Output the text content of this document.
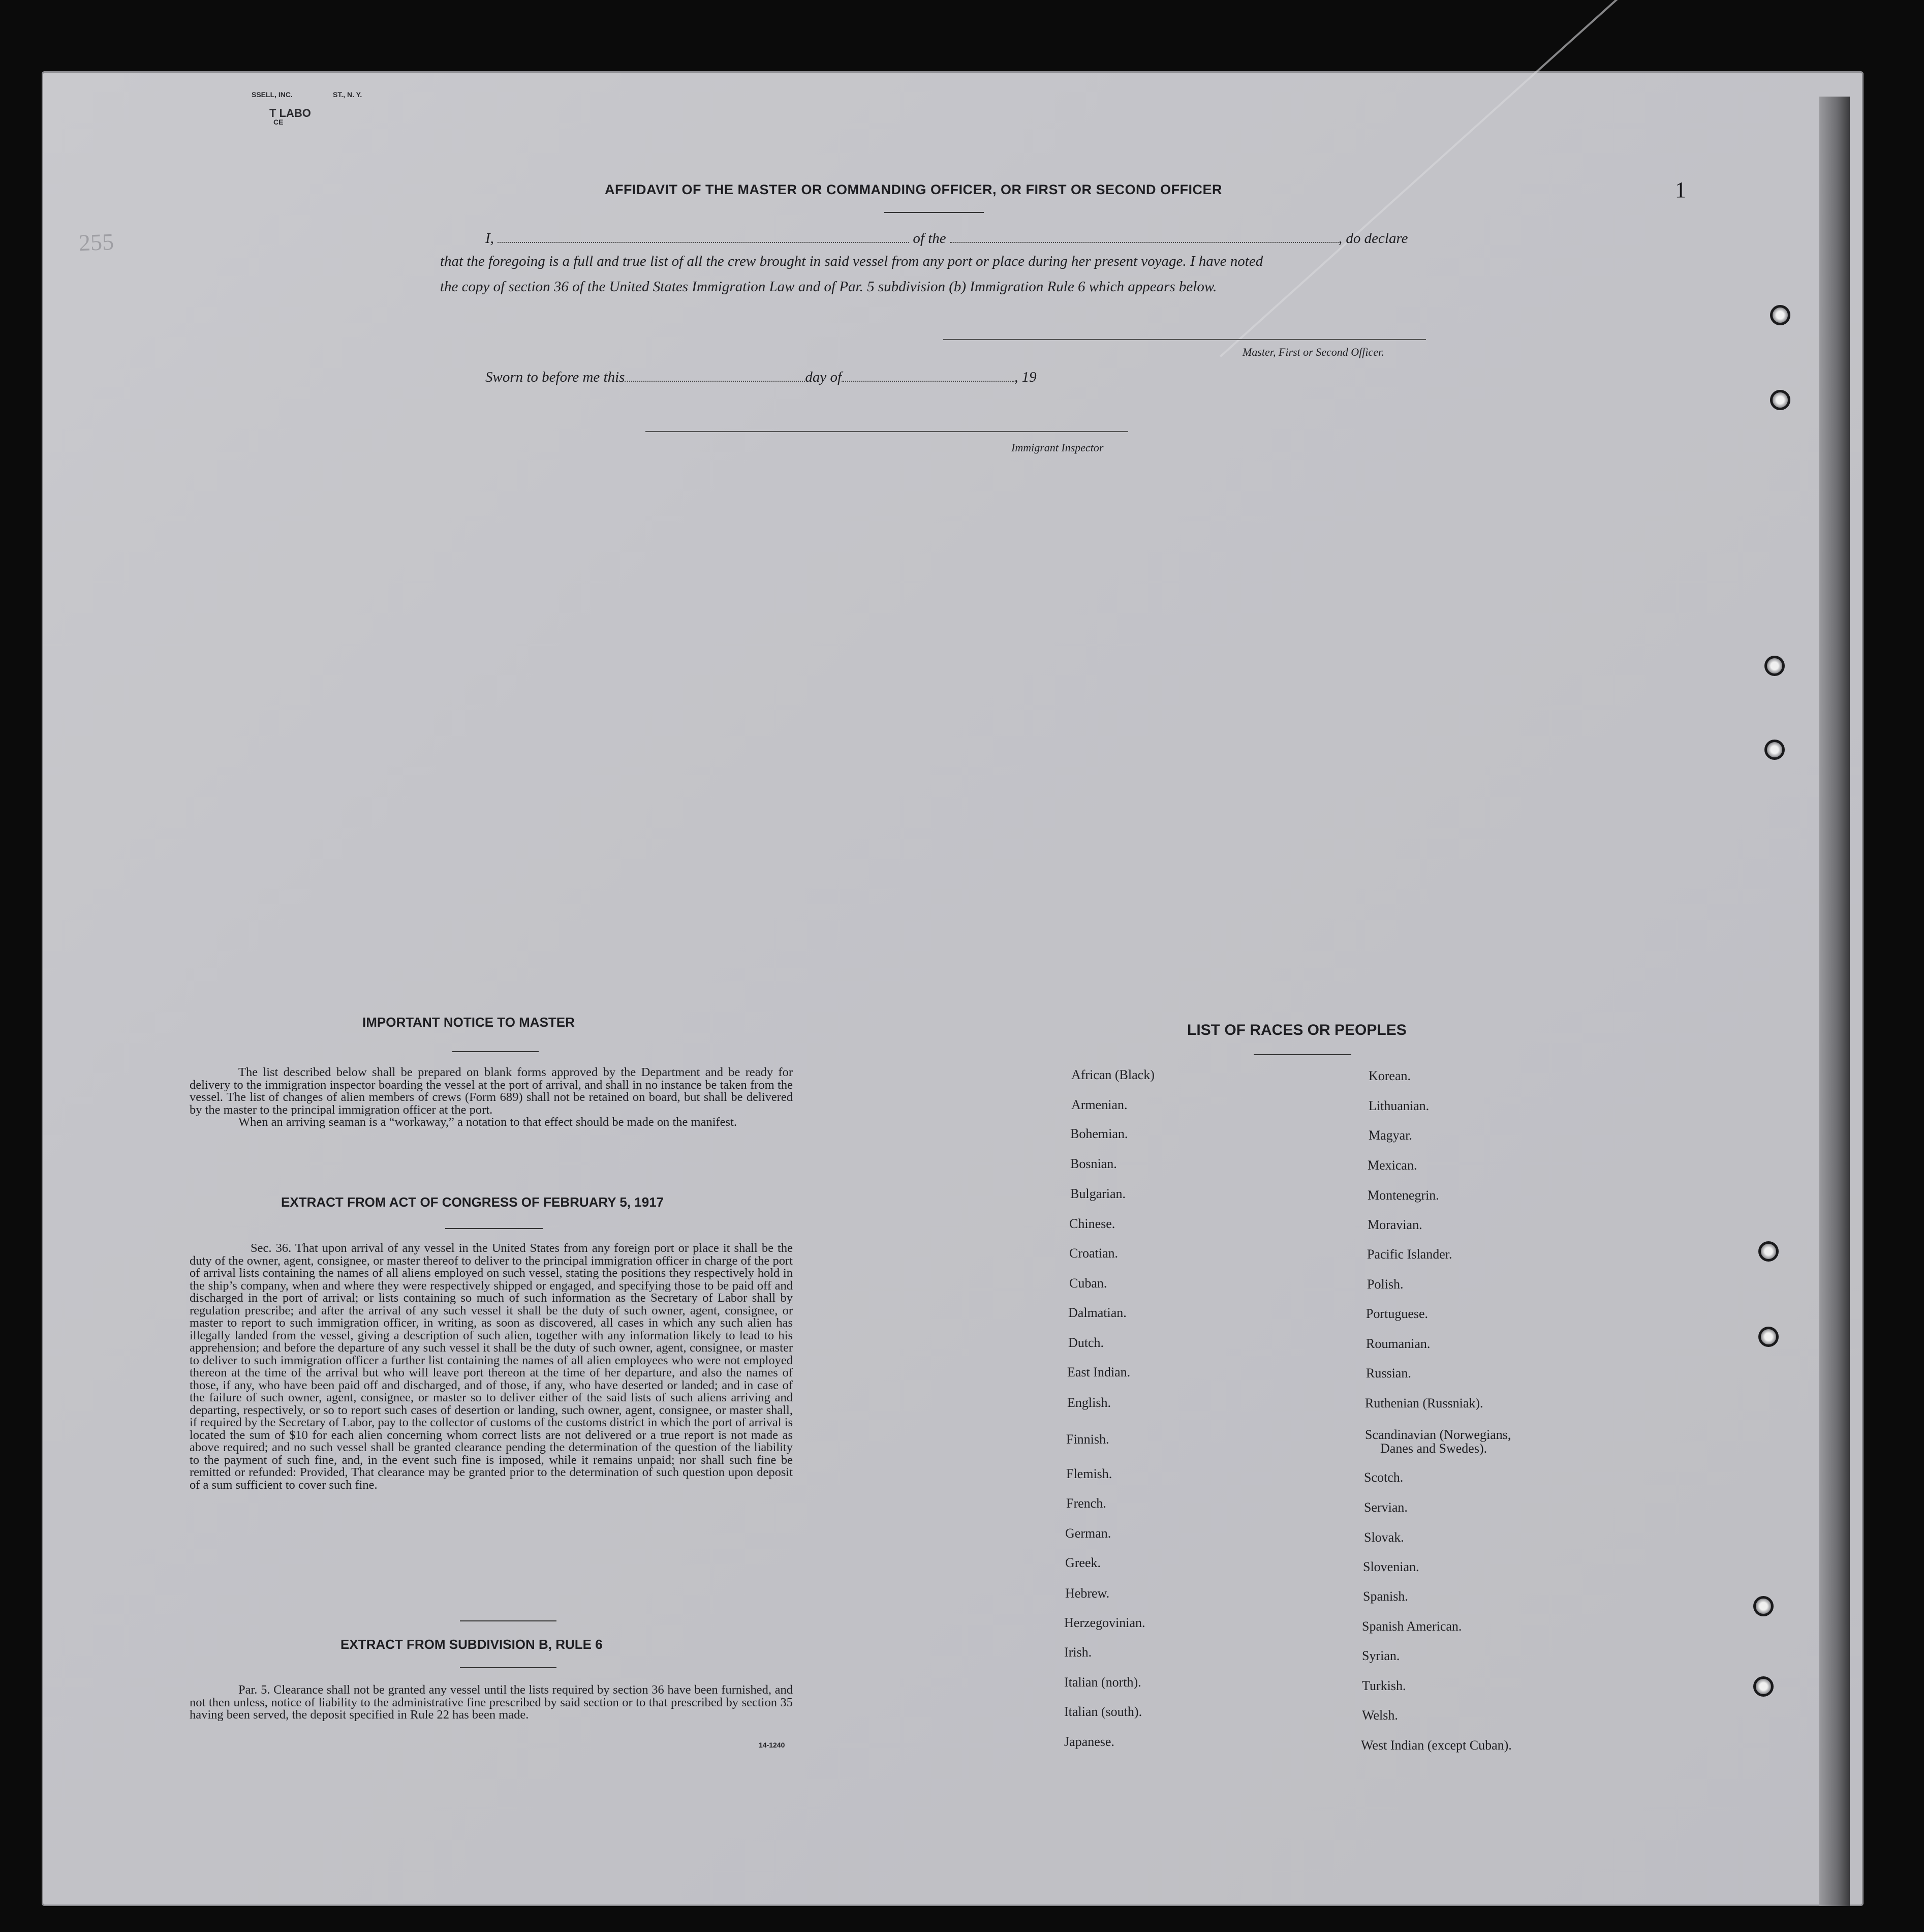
SSELL, INC.	ST., N. Y.
T LABO
CE
255
1
AFFIDAVIT OF THE MASTER OR COMMANDING OFFICER, OR FIRST OR SECOND OFFICER
I,	of the	, do declare
that the foregoing is a full and true list of all the crew brought in said vessel from any port or place during her present voyage. I have noted
the copy of section 36 of the United States Immigration Law and of Par. 5 subdivision (b) Immigration Rule 6 which appears below.
Master, First or Second Officer.
Sworn to before me this	day of	, 19
Immigrant Inspector
IMPORTANT NOTICE TO MASTER

The list described below shall be prepared on blank forms approved by the Department and be ready for delivery to the immigration inspector boarding the vessel at the port of arrival, and shall in no instance be taken from the vessel. The list of changes of alien members of crews (Form 689) shall not be retained on board, but shall be delivered by the master to the principal immigration officer at the port.

When an arriving seaman is a “workaway,” a notation to that effect should be made on the manifest.

EXTRACT FROM ACT OF CONGRESS OF FEBRUARY 5, 1917
Sec. 36. That upon arrival of any vessel in the United States from any foreign port or place it shall be the duty of the owner, agent, consignee, or master thereof to deliver to the principal immigration officer in charge of the port of arrival lists containing the names of all aliens employed on such vessel, stating the positions they respectively hold in the ship’s company, when and where they were respectively shipped or engaged, and specifying those to be paid off and discharged in the port of arrival; or lists containing so much of such information as the Secretary of Labor shall by regulation prescribe; and after the arrival of any such vessel it shall be the duty of such owner, agent, consignee, or master to report to such immigration officer, in writing, as soon as discovered, all cases in which any such alien has illegally landed from the vessel, giving a description of such alien, together with any information likely to lead to his apprehension; and before the departure of any such vessel it shall be the duty of such owner, agent, consignee, or master to deliver to such immigration officer a further list containing the names of all alien employees who were not employed thereon at the time of the arrival but who will leave port thereon at the time of her departure, and also the names of those, if any, who have been paid off and discharged, and of those, if any, who have deserted or landed; and in case of the failure of such owner, agent, consignee, or master so to deliver either of the said lists of such aliens arriving and departing, respectively, or so to report such cases of desertion or landing, such owner, agent, consignee, or master shall, if required by the Secretary of Labor, pay to the collector of customs of the customs district in which the port of arrival is located the sum of $10 for each alien concerning whom correct lists are not delivered or a true report is not made as above required; and no such vessel shall be granted clearance pending the determination of the question of the liability to the payment of such fine, and, in the event such fine is imposed, while it remains unpaid; nor shall such fine be remitted or refunded: Provided, That clearance may be granted prior to the determination of such question upon deposit of a sum sufficient to cover such fine.
EXTRACT FROM SUBDIVISION B, RULE 6
Par. 5. Clearance shall not be granted any vessel until the lists required by section 36 have been furnished, and not then unless, notice of liability to the administrative fine prescribed by said section or to that prescribed by section 35 having been served, the deposit specified in Rule 22 has been made.
14-1240
LIST OF RACES OR PEOPLES
African (Black)
Armenian.
Bohemian.
Bosnian.
Bulgarian.
Chinese.
Croatian.
Cuban.
Dalmatian.
Dutch.
East Indian.
English.
Finnish.
Flemish.
French.
German.
Greek.
Hebrew.
Herzegovinian.
Irish.
Italian (north).
Italian (south).
Japanese.
Korean.
Lithuanian.
Magyar.
Mexican.
Montenegrin.
Moravian.
Pacific Islander.
Polish.
Portuguese.
Roumanian.
Russian.
Ruthenian (Russniak).
Scandinavian (Norwegians,
Danes and Swedes).
Scotch.
Servian.
Slovak.
Slovenian.
Spanish.
Spanish American.
Syrian.
Turkish.
Welsh.
West Indian (except Cuban).
